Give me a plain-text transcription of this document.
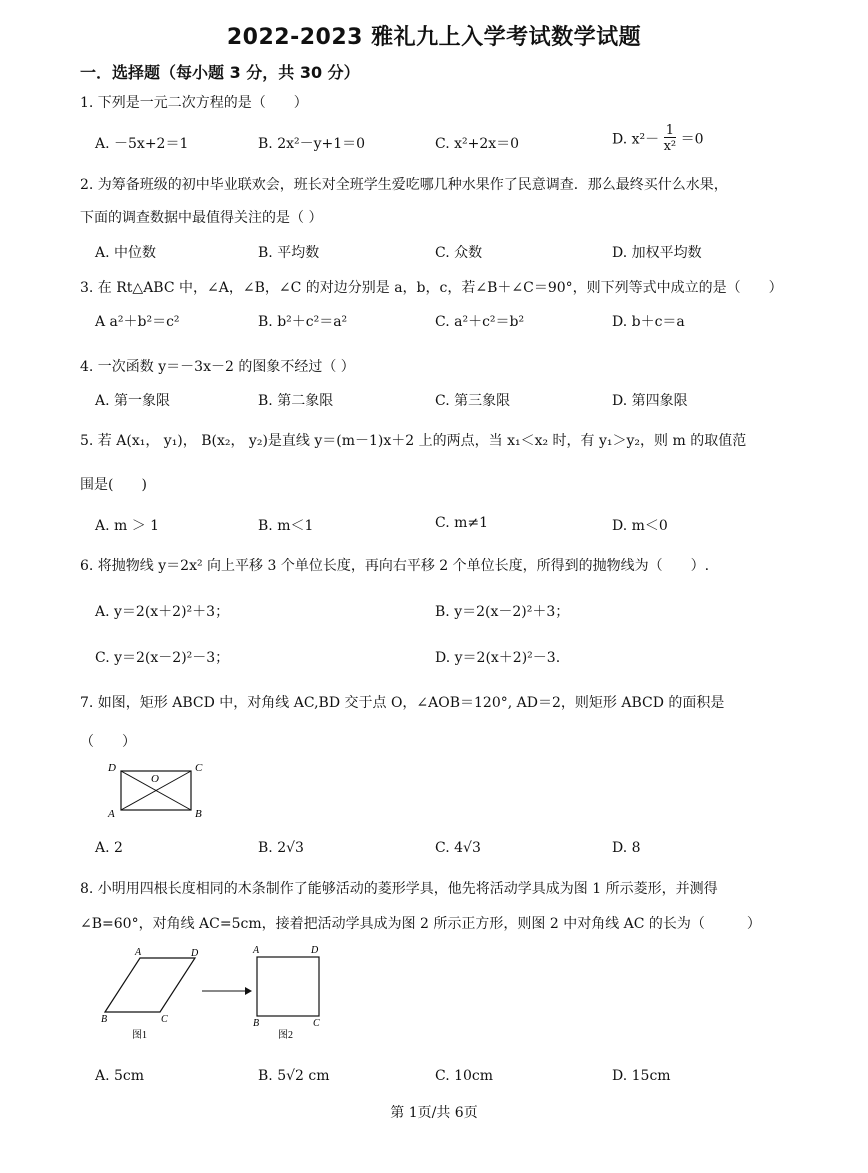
2022-2023 雅礼九上入学考试数学试题
一．选择题（每小题 3 分，共 30 分）
1. 下列是一元二次方程的是（　　）
A. －5x+2＝1	B. 2x²－y+1＝0	C. x²+2x＝0	D. $x^2- \frac{1}{\text{x²}} =0$
2. 为筹备班级的初中毕业联欢会，班长对全班学生爱吃哪几种水果作了民意调查．那么最终买什么水果，
下面的调查数据中最值得关注的是（ ）
A. 中位数	B. 平均数	C. 众数	D. 加权平均数
3. 在 Rt△ABC 中，∠A，∠B，∠C 的对边分别是 a，b，c，若∠B＋∠C＝90°，则下列等式中成立的是（　　）
A a²＋b²＝c²	B. b²＋c²＝a²	C. a²＋c²＝b²	D. b＋c＝a
4. 一次函数 y＝－3x－2 的图象不经过（ ）
A. 第一象限	B. 第二象限	C. 第三象限	D. 第四象限
5. 若 A(x₁， y₁)， B(x₂， y₂)是直线 y＝(m－1)x＋2 上的两点，当 x₁＜x₂ 时，有 y₁＞y₂，则 m 的取值范
围是(　　)
A. m ＞ 1	B. m＜1	C. m≠1	D. m＜0
6. 将抛物线 y＝2x² 向上平移 3 个单位长度，再向右平移 2 个单位长度，所得到的抛物线为（　　）.
A. y＝2(x＋2)²＋3；	B. y＝2(x－2)²＋3；
C. y＝2(x－2)²－3；	D. y＝2(x＋2)²－3.
7. 如图，矩形 ABCD 中，对角线 AC,BD 交于点 O，∠AOB＝120°, AD＝2，则矩形 ABCD 的面积是
（　　）
D	C
A	B
O
A. 2	B. 2√3	C. 4√3	D. 8
8. 小明用四根长度相同的木条制作了能够活动的菱形学具，他先将活动学具成为图 1 所示菱形，并测得
∠B=60°，对角线 AC=5cm，接着把活动学具成为图 2 所示正方形，则图 2 中对角线 AC 的长为（　　　）
A	D
B	C
图1
A	D
B	C
图2
A. 5cm	B. 5√2 cm	C. 10cm	D. 15cm
第 1页/共 6页
